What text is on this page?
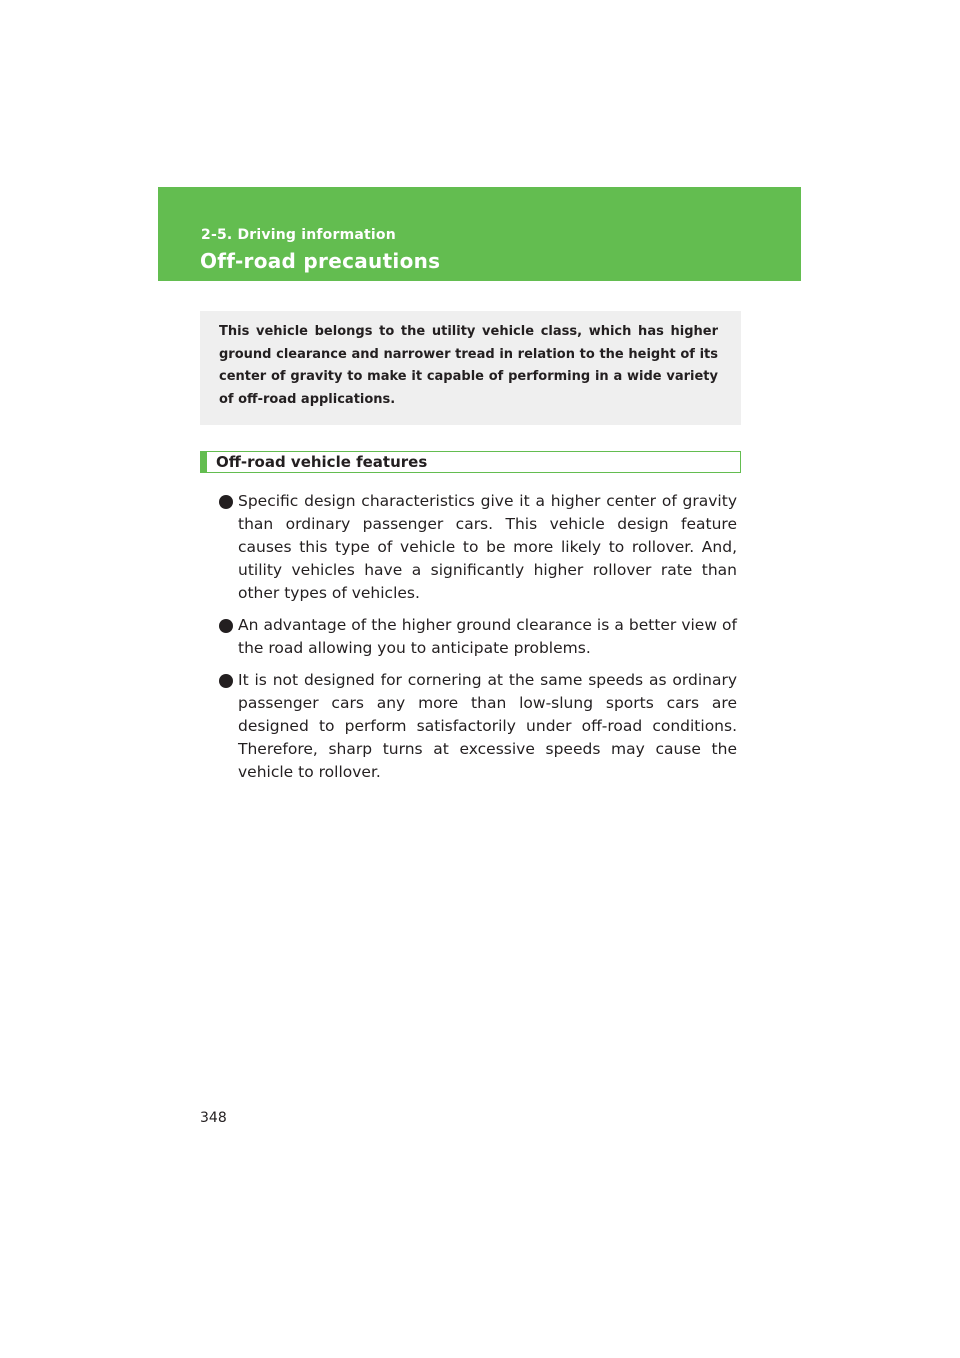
2-5. Driving information
Off-road precautions

This vehicle belongs to the utility vehicle class, which has higher ground clearance and narrower tread in relation to the height of its center of gravity to make it capable of performing in a wide variety of off-road applications.

Off-road vehicle features
Specific design characteristics give it a higher center of gravity than ordinary passenger cars. This vehicle design feature causes this type of vehicle to be more likely to rollover. And, utility vehicles have a significantly higher rollover rate than other types of vehicles.
An advantage of the higher ground clearance is a better view of the road allowing you to anticipate problems.
It is not designed for cornering at the same speeds as ordinary passenger cars any more than low-slung sports cars are designed to perform satisfactorily under off-road conditions. Therefore, sharp turns at excessive speeds may cause the vehicle to rollover.
348
